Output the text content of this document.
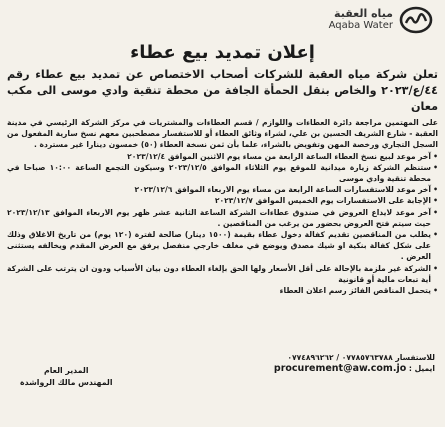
مياه العقبة
Aqaba Water
إعلان تمديد بيع عطاء
تعلن شركة مياه العقبة للشركات أصحاب الاختصاص عن تمديد بيع عطاء رقم ٤٤/ع/٢٠٢٣ والخاص بنقل الحمأة الجافة من محطة تنقية وادي موسى الى مكب معان
على المهتمين مراجعة دائرة العطاءات واللوازم / قسم العطاءات والمشتريات في مركز الشركة الرئيسي في مدينة العقبة - شارع الشريف الحسين بن علي، لشراء وثائق العطاء أو للاستفسار مصطحبين معهم نسخ سارية المفعول من السجل التجاري ورخصة المهن وتفويض بالشراء، علما بأن ثمن نسخة العطاء (٥٠) خمسون دينارا غير مستردة .
•
آخر موعد لبيع نسخ العطاء الساعة الرابعة من مساء يوم الاثنين الموافق ٢٠٢٣/١٢/٤
•
ستنظم الشركة زيارة ميدانية للموقع يوم الثلاثاء الموافق ٢٠٢٣/١٢/٥ وسيكون التجمع الساعة ١٠:٠٠ صباحا في محطة تنقية وادي موسى
•
آخر موعد للاستفسارات الساعة الرابعة من مساء يوم الاربعاء الموافق ٢٠٢٣/١٢/٦
•
الإجابة على الاستفسارات يوم الخميس الموافق ٢٠٢٣/١٢/٧
•
آخر موعد لايداع العروض في صندوق عطاءات الشركة الساعة الثانية عشر ظهر يوم الاربعاء الموافق ٢٠٢٣/١٢/١٣ حيث سيتم فتح العروض بحضور من يرغب من المناقصين .
•
يطلب من المناقصين تقديم كفالة دخول عطاء بقيمة (١٥٠٠ دينار) صالحة لفترة (١٢٠ يوم) من تاريخ الاغلاق وذلك على شكل كفالة بنكية او شيك مصدق ويوضع في مغلف خارجي منفصل يرفق مع العرض المقدم ويخالفه يستثنى العرض .
•
الشركة غير ملزمة بالإحالة على أقل الأسعار ولها الحق بإلغاء العطاء دون بيان الأسباب ودون ان يترتب على الشركة أية تبعات مالية أو قانونية
•
يتحمل المناقص الفائز رسم اعلان العطاء
للاستفسار ٠٧٧٨٥٧٦٣٧٨٨ / ٠٧٧٤٨٩٦٢٦٢
ايميل : procurement@aw.com.jo
المدير العام
المهندس مالك الرواشدة
